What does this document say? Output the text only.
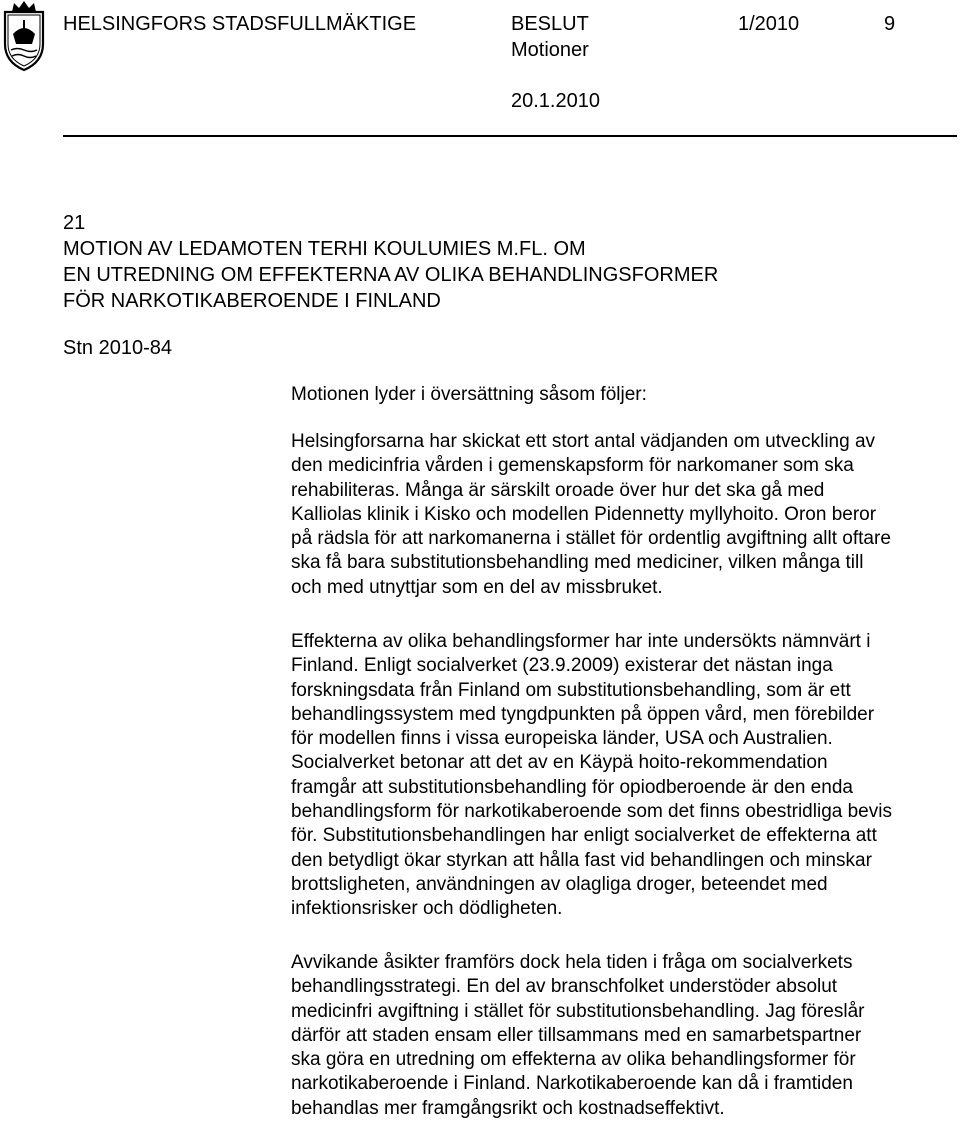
HELSINGFORS STADSFULLMÄKTIGE	BESLUT	1/2010	9
Motioner
20.1.2010
21
MOTION AV LEDAMOTEN TERHI KOULUMIES M.FL. OM
EN UTREDNING OM EFFEKTERNA AV OLIKA BEHANDLINGSFORMER
FÖR NARKOTIKABEROENDE I FINLAND
Stn 2010-84
Motionen lyder i översättning såsom följer:
Helsingforsarna har skickat ett stort antal vädjanden om utveckling av
den medicinfria vården i gemenskapsform för narkomaner som ska
rehabiliteras. Många är särskilt oroade över hur det ska gå med
Kalliolas klinik i Kisko och modellen Pidennetty myllyhoito. Oron beror
på rädsla för att narkomanerna i stället för ordentlig avgiftning allt oftare
ska få bara substitutionsbehandling med mediciner, vilken många till
och med utnyttjar som en del av missbruket.
Effekterna av olika behandlingsformer har inte undersökts nämnvärt i
Finland. Enligt socialverket (23.9.2009) existerar det nästan inga
forskningsdata från Finland om substitutionsbehandling, som är ett
behandlingssystem med tyngdpunkten på öppen vård, men förebilder
för modellen finns i vissa europeiska länder, USA och Australien.
Socialverket betonar att det av en Käypä hoito-rekommendation
framgår att substitutionsbehandling för opiodberoende är den enda
behandlingsform för narkotikaberoende som det finns obestridliga bevis
för. Substitutionsbehandlingen har enligt socialverket de effekterna att
den betydligt ökar styrkan att hålla fast vid behandlingen och minskar
brottsligheten, användningen av olagliga droger, beteendet med
infektionsrisker och dödligheten.
Avvikande åsikter framförs dock hela tiden i fråga om socialverkets
behandlingsstrategi. En del av branschfolket understöder absolut
medicinfri avgiftning i stället för substitutionsbehandling. Jag föreslår
därför att staden ensam eller tillsammans med en samarbetspartner
ska göra en utredning om effekterna av olika behandlingsformer för
narkotikaberoende i Finland. Narkotikaberoende kan då i framtiden
behandlas mer framgångsrikt och kostnadseffektivt.
